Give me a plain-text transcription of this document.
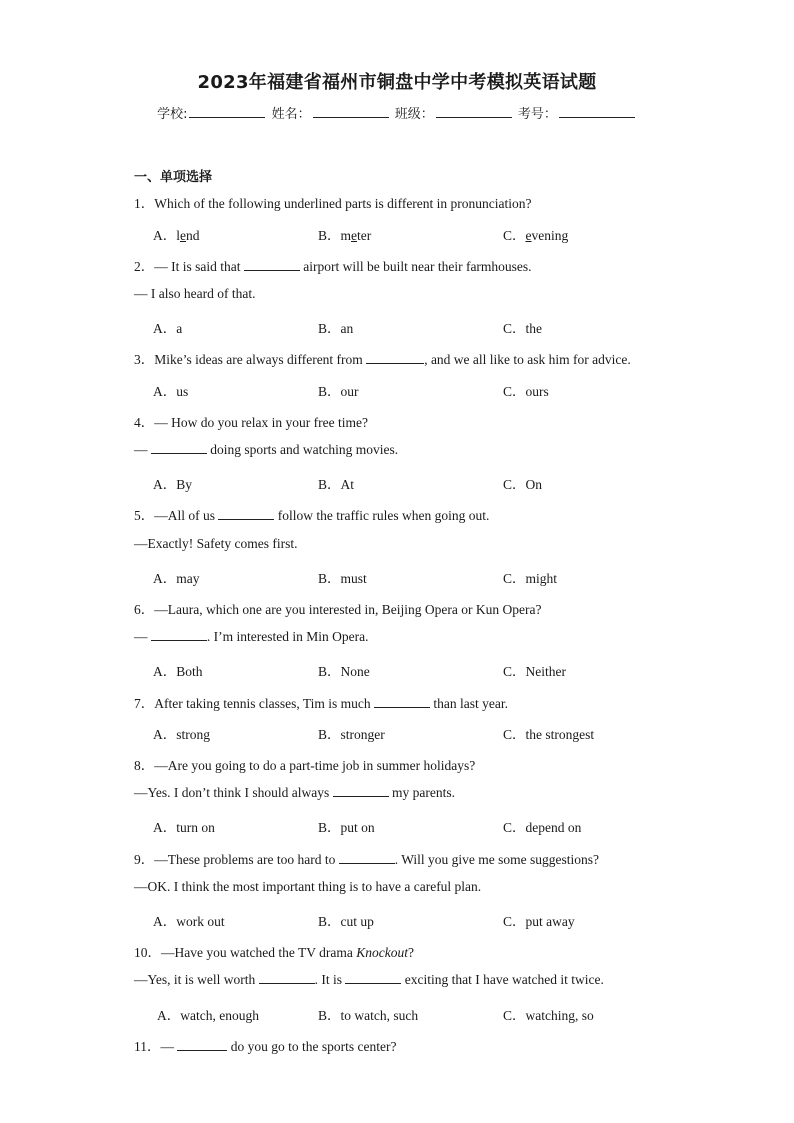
2023年福建省福州市铜盘中学中考模拟英语试题
学校:	姓名：	班级：	考号：
一、单项选择
1．Which of the following underlined parts is different in pronunciation?
A．lend	B．meter	C．evening
2．— It is said that	airport will be built near their farmhouses.
— I also heard of that.
A．a	B．an	C．the
3．Mike’s ideas are always different from	, and we all like to ask him for advice.
A．us	B．our	C．ours
4．— How do you relax in your free time?
—	doing sports and watching movies.
A．By	B．At	C．On
5．—All of us	follow the traffic rules when going out.
—Exactly! Safety comes first.
A．may	B．must	C．might
6．—Laura, which one are you interested in, Beijing Opera or Kun Opera?
—	. I’m interested in Min Opera.
A．Both	B．None	C．Neither
7．After taking tennis classes, Tim is much	than last year.
A．strong	B．stronger	C．the strongest
8．—Are you going to do a part-time job in summer holidays?
—Yes. I don’t think I should always	my parents.
A．turn on	B．put on	C．depend on
9．—These problems are too hard to	. Will you give me some suggestions?
—OK. I think the most important thing is to have a careful plan.
A．work out	B．cut up	C．put away
10．—Have you watched the TV drama Knockout?
—Yes, it is well worth	. It is	exciting that I have watched it twice.
A．watch, enough	B．to watch, such	C．watching, so
11．—	do you go to the sports center?
